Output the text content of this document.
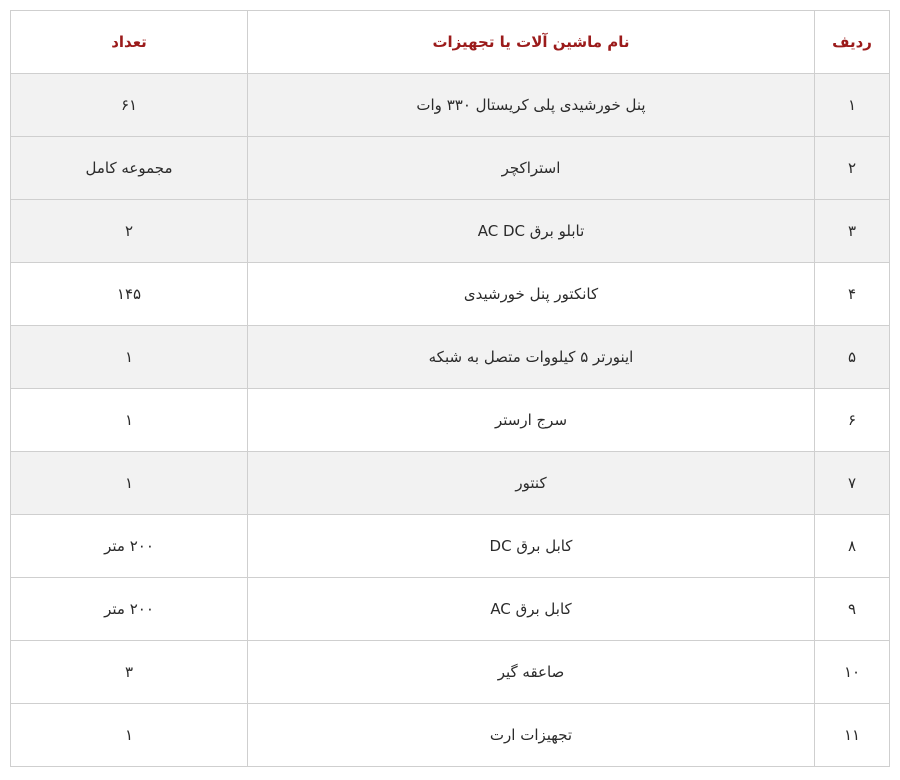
ردیف	نام ماشین آلات یا تجهیزات	تعداد
۱	پنل خورشیدی پلی کریستال ۳۳۰ وات	۶۱
۲	استراکچر	مجموعه کامل
۳	تابلو برق AC DC	۲
۴	کانکتور پنل خورشیدی	۱۴۵
۵	اینورتر ۵ کیلووات متصل به شبکه	۱
۶	سرج ارستر	۱
۷	کنتور	۱
۸	کابل برق DC	۲۰۰ متر
۹	کابل برق AC	۲۰۰ متر
۱۰	صاعقه گیر	۳
۱۱	تجهیزات ارت	۱
